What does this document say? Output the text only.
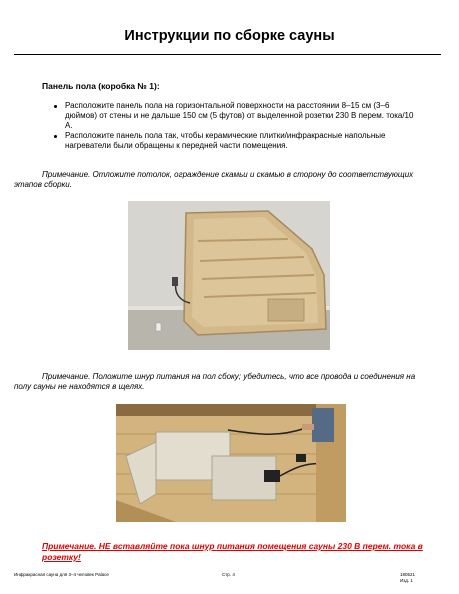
Инструкции по сборке сауны
Панель пола (коробка № 1):
Расположите панель пола на горизонтальной поверхности на расстоянии 8–15 см (3–6 дюймов) от стены и не дальше 150 см (5 футов) от выделенной розетки 230 В перем. тока/10 А.
Расположите панель пола так, чтобы керамические плитки/инфракрасные напольные нагреватели были обращены к передней части помещения.
Примечание. Отложите потолок, ограждение скамьи и скамью в сторону до соответствующих этапов сборки.
Примечание. Положите шнур питания на пол сбоку; убедитесь, что все провода и соединения на полу сауны не находятся в щелях.
Примечание. НЕ вставляйте пока шнур питания помещения сауны 230 В перем. тока в розетку!
Инфракрасная сауна для 3–4 человек Palace	Стр. 4	180521
Изд. 1
